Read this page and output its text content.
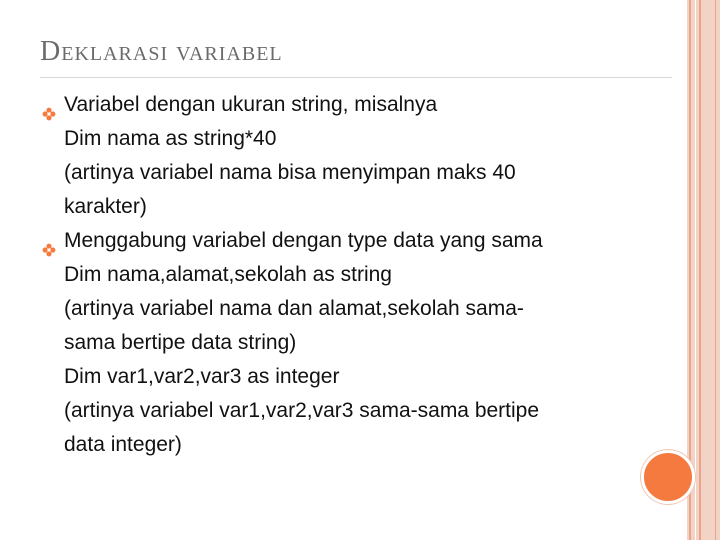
Deklarasi variabel
Variabel dengan ukuran string, misalnya
Dim nama as string*40
(artinya variabel nama bisa menyimpan maks 40
karakter)
Menggabung variabel dengan type data yang sama
Dim nama,alamat,sekolah as string
(artinya variabel nama dan alamat,sekolah sama-
sama bertipe data string)
Dim var1,var2,var3 as integer
(artinya variabel var1,var2,var3 sama-sama bertipe
data integer)
